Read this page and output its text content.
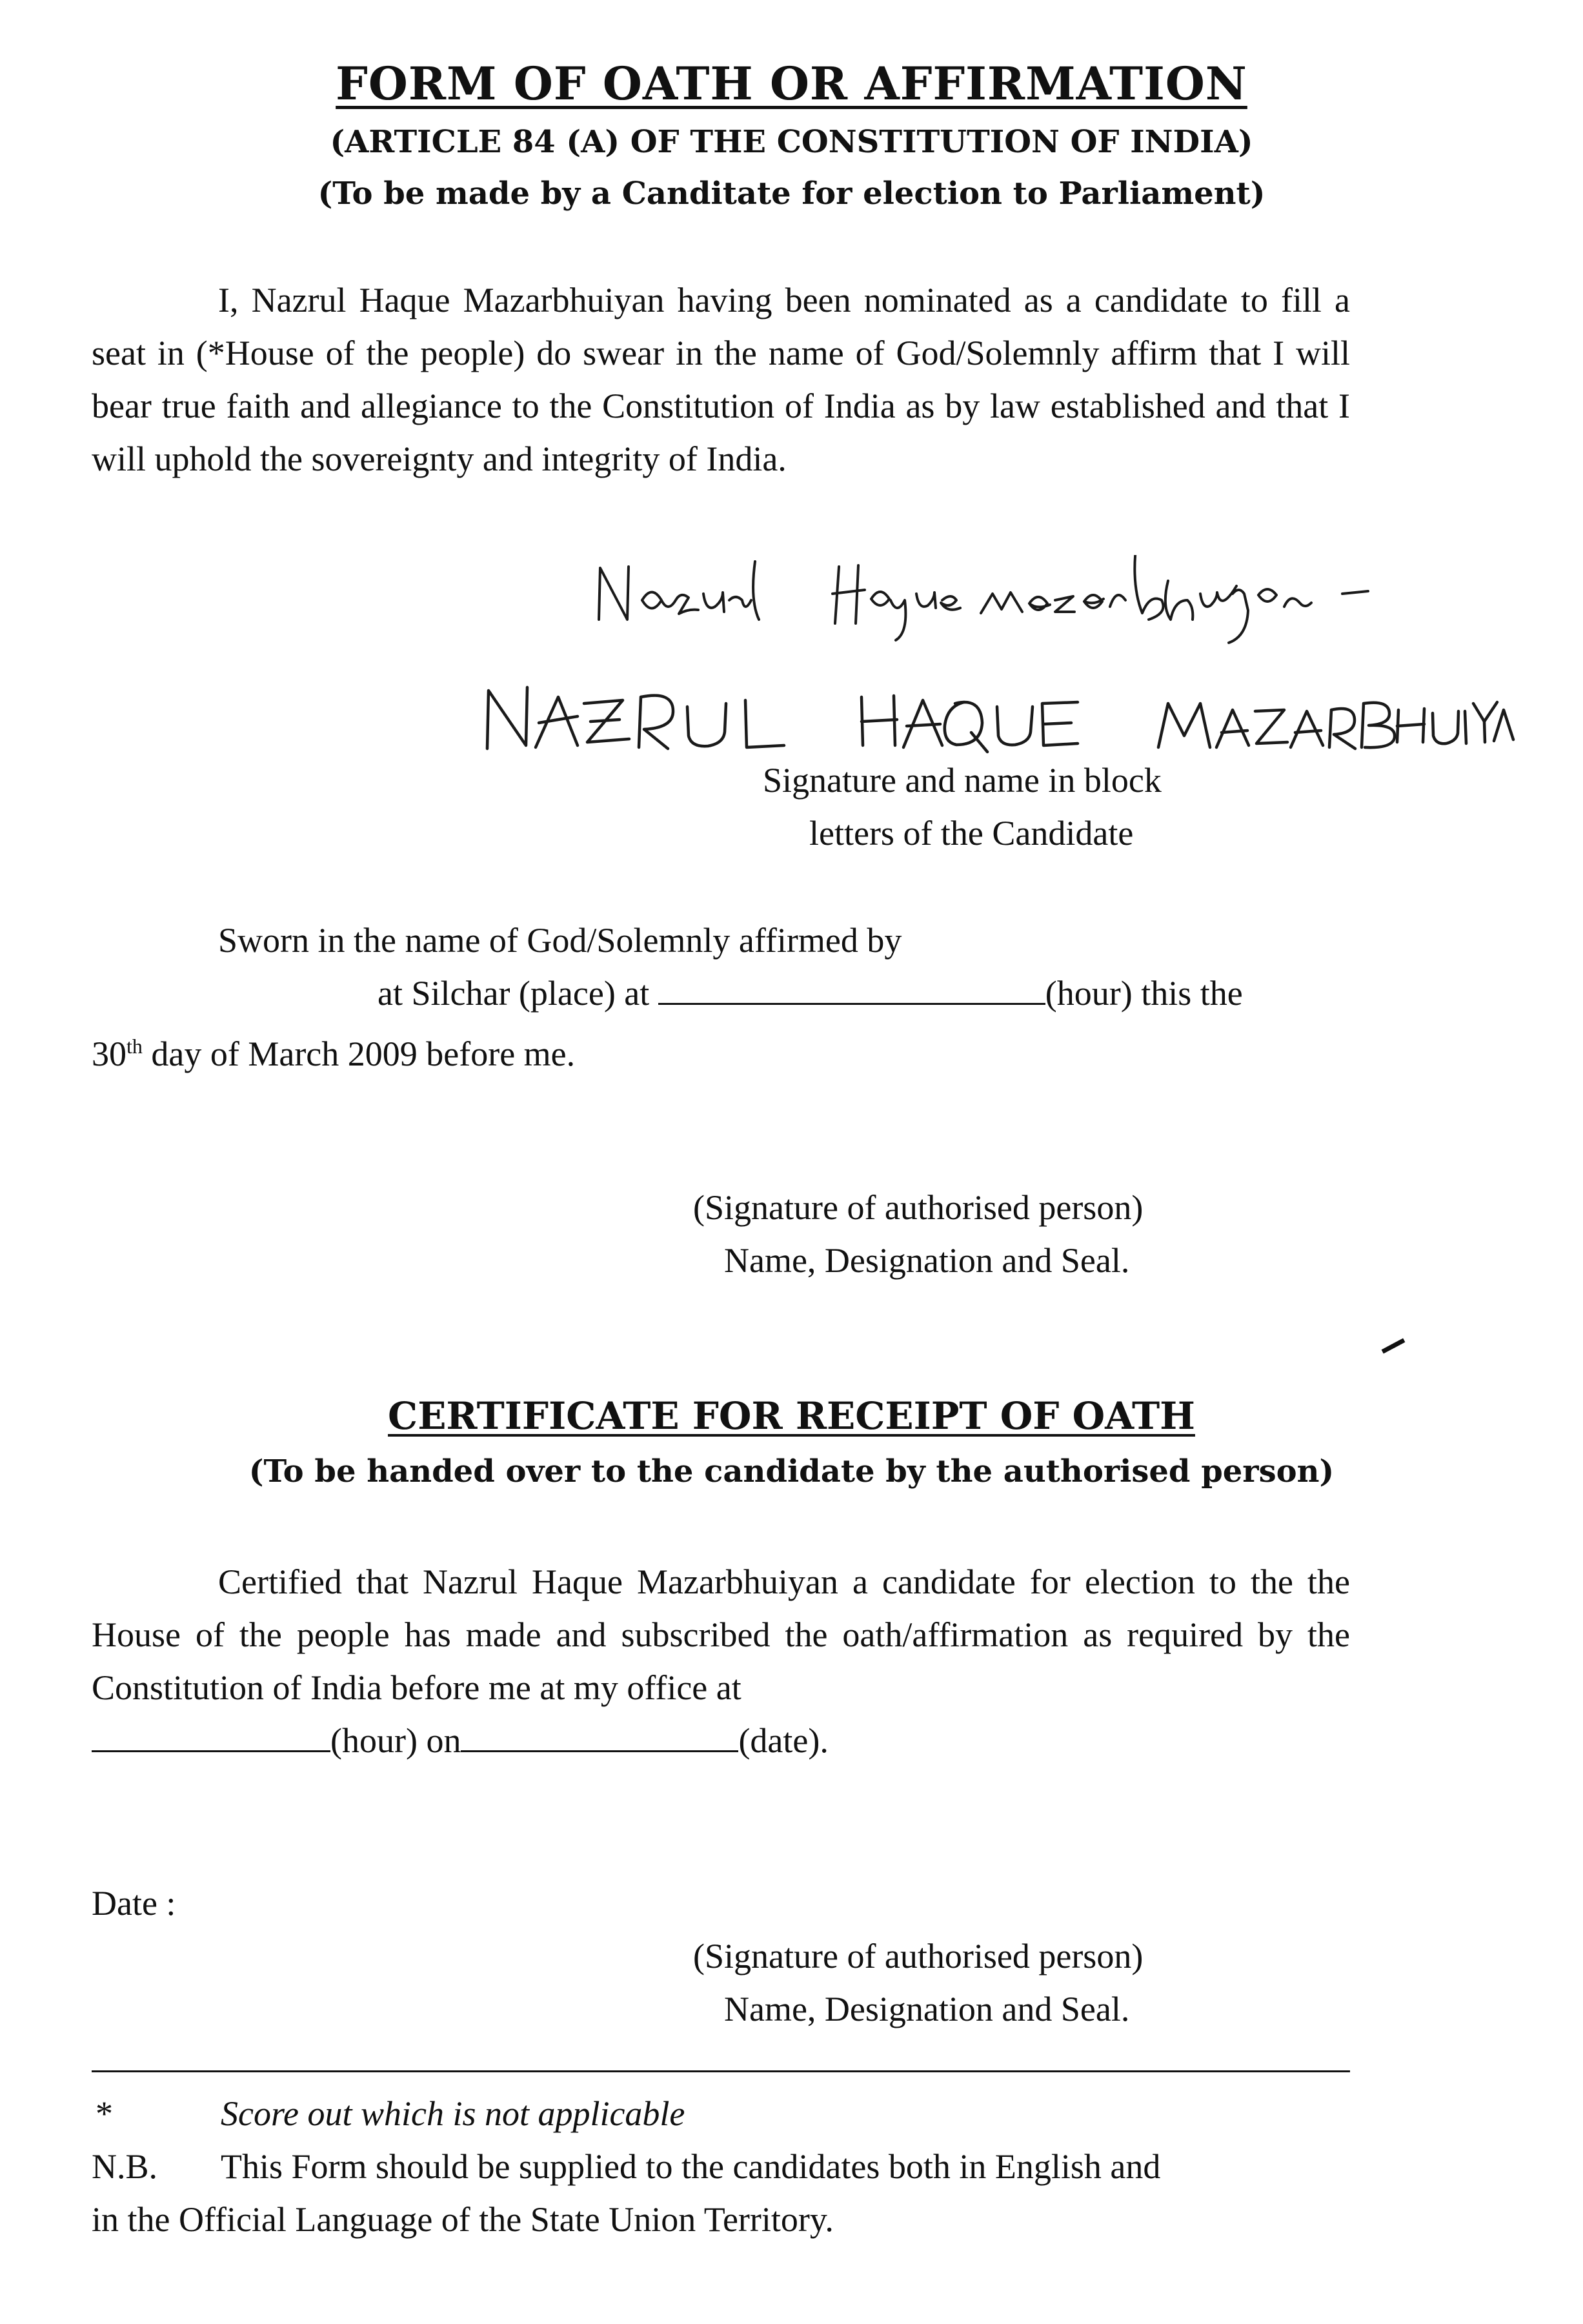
FORM OF OATH OR AFFIRMATION
(ARTICLE 84 (A) OF THE CONSTITUTION OF INDIA)
(To be made by a Canditate for election to Parliament)
I, Nazrul Haque Mazarbhuiyan having been nominated as a candidate to fill a seat in (*House of the people) do swear in the name of God/Solemnly affirm that I will bear true faith and allegiance to the Constitution of India as by law established and that I will uphold the sovereignty and integrity of India.
Signature and name in block
letters of the Candidate
Sworn in the name of God/Solemnly affirmed by
at Silchar (place) at	(hour) this the
30th day of March 2009 before me.
(Signature of authorised person)
Name, Designation and Seal.
CERTIFICATE FOR RECEIPT OF OATH
(To be handed over to the candidate by the authorised person)
Certified that Nazrul Haque Mazarbhuiyan a candidate for election to the the House of the people has made and subscribed the oath/affirmation as required by the Constitution of India before me at my office at
(hour) on	(date).
Date :
(Signature of authorised person)
Name, Designation and Seal.
*	Score out which is not applicable
N.B. This Form should be supplied to the candidates both in English and
in the Official Language of the State Union Territory.
